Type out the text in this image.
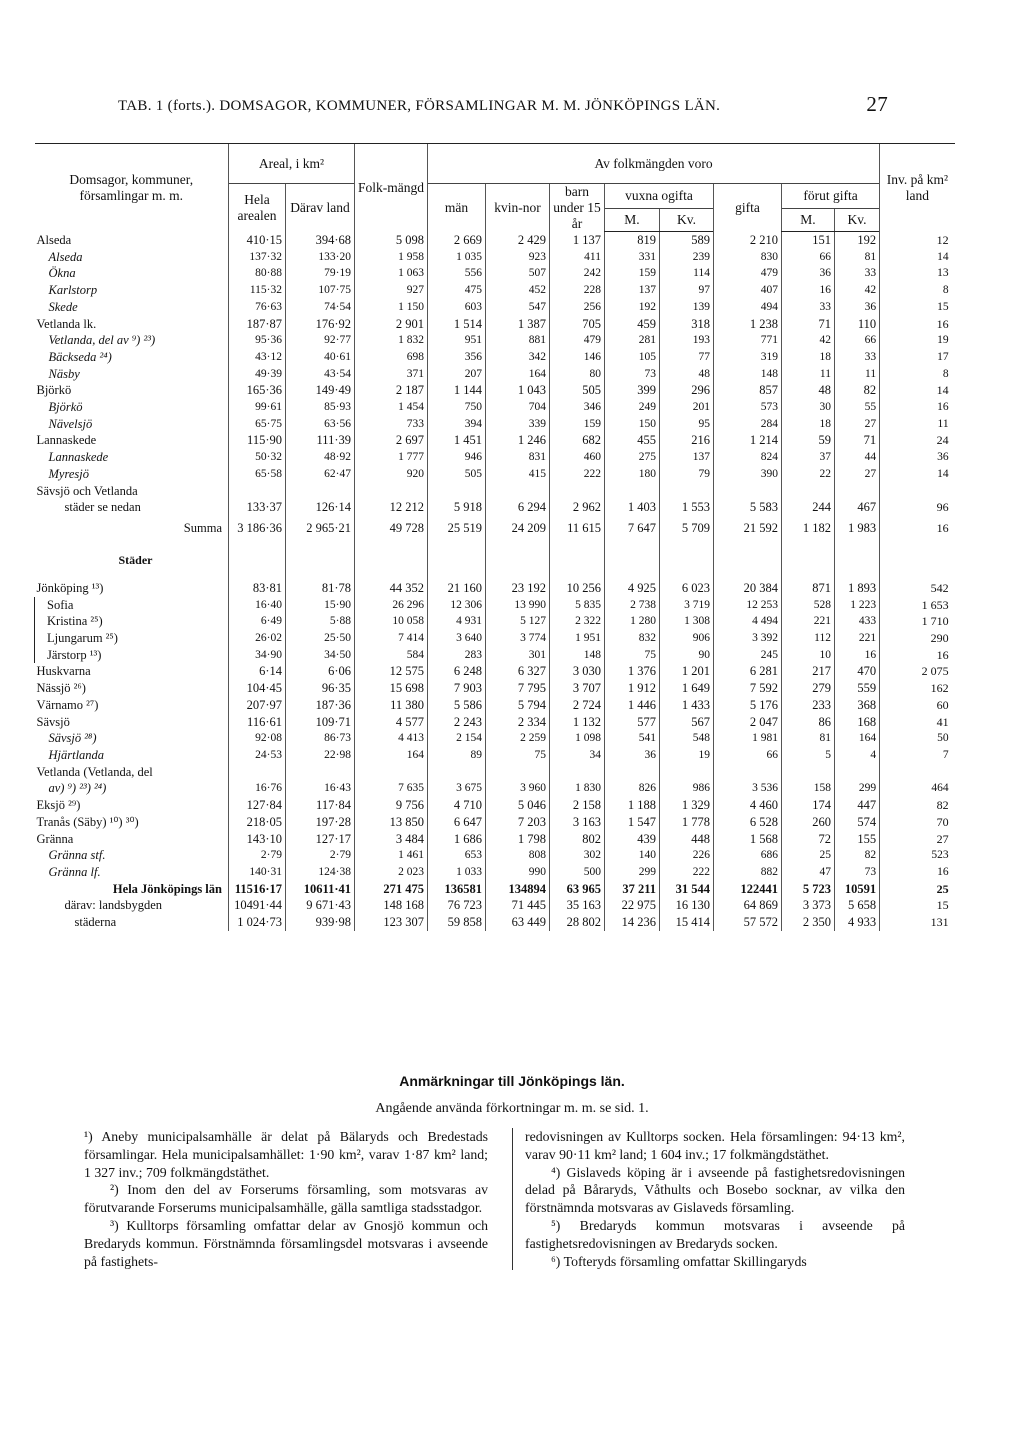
TAB. 1 (forts.). DOMSAGOR, KOMMUNER, FÖRSAMLINGAR M. M. JÖNKÖPINGS LÄN.	27
Domsagor, kommuner, församlingar m. m.	Areal, i km²		Folk-mängd	Av folkmängden voro								Inv. på km² land
	Hela arealen	Därav land		män	kvin-nor	barn under 15 år	vuxna ogifta		gifta	förut gifta		
							M.	Kv.		M.	Kv.	
Alseda	410·15	394·68	5 098	2 669	2 429	1 137	819	589	2 210	151	192	12
Alseda	137·32	133·20	1 958	1 035	923	411	331	239	830	66	81	14
Ökna	80·88	79·19	1 063	556	507	242	159	114	479	36	33	13
Karlstorp	115·32	107·75	927	475	452	228	137	97	407	16	42	8
Skede	76·63	74·54	1 150	603	547	256	192	139	494	33	36	15
Vetlanda lk.	187·87	176·92	2 901	1 514	1 387	705	459	318	1 238	71	110	16
Vetlanda, del av ⁹) ²³)	95·36	92·77	1 832	951	881	479	281	193	771	42	66	19
Bäckseda ²⁴)	43·12	40·61	698	356	342	146	105	77	319	18	33	17
Näsby	49·39	43·54	371	207	164	80	73	48	148	11	11	8
Björkö	165·36	149·49	2 187	1 144	1 043	505	399	296	857	48	82	14
Björkö	99·61	85·93	1 454	750	704	346	249	201	573	30	55	16
Nävelsjö	65·75	63·56	733	394	339	159	150	95	284	18	27	11
Lannaskede	115·90	111·39	2 697	1 451	1 246	682	455	216	1 214	59	71	24
Lannaskede	50·32	48·92	1 777	946	831	460	275	137	824	37	44	36
Myresjö	65·58	62·47	920	505	415	222	180	79	390	22	27	14
Sävsjö och Vetlanda												
städer se nedan	133·37	126·14	12 212	5 918	6 294	2 962	1 403	1 553	5 583	244	467	96
Summa	3 186·36	2 965·21	49 728	25 519	24 209	11 615	7 647	5 709	21 592	1 182	1 983	16
Städer												
Jönköping ¹³)	83·81	81·78	44 352	21 160	23 192	10 256	4 925	6 023	20 384	871	1 893	542
Sofia	16·40	15·90	26 296	12 306	13 990	5 835	2 738	3 719	12 253	528	1 223	1 653
Kristina ²⁵)	6·49	5·88	10 058	4 931	5 127	2 322	1 280	1 308	4 494	221	433	1 710
Ljungarum ²⁵)	26·02	25·50	7 414	3 640	3 774	1 951	832	906	3 392	112	221	290
Järstorp ¹³)	34·90	34·50	584	283	301	148	75	90	245	10	16	16
Huskvarna	6·14	6·06	12 575	6 248	6 327	3 030	1 376	1 201	6 281	217	470	2 075
Nässjö ²⁶)	104·45	96·35	15 698	7 903	7 795	3 707	1 912	1 649	7 592	279	559	162
Värnamo ²⁷)	207·97	187·36	11 380	5 586	5 794	2 724	1 446	1 433	5 176	233	368	60
Sävsjö	116·61	109·71	4 577	2 243	2 334	1 132	577	567	2 047	86	168	41
Sävsjö ²⁸)	92·08	86·73	4 413	2 154	2 259	1 098	541	548	1 981	81	164	50
Hjärtlanda	24·53	22·98	164	89	75	34	36	19	66	5	4	7
Vetlanda (Vetlanda, del												
av) ⁹) ²³) ²⁴)	16·76	16·43	7 635	3 675	3 960	1 830	826	986	3 536	158	299	464
Eksjö ²⁹)	127·84	117·84	9 756	4 710	5 046	2 158	1 188	1 329	4 460	174	447	82
Tranås (Säby) ¹⁰) ³⁰)	218·05	197·28	13 850	6 647	7 203	3 163	1 547	1 778	6 528	260	574	70
Gränna	143·10	127·17	3 484	1 686	1 798	802	439	448	1 568	72	155	27
Gränna stf.	2·79	2·79	1 461	653	808	302	140	226	686	25	82	523
Gränna lf.	140·31	124·38	2 023	1 033	990	500	299	222	882	47	73	16
Hela Jönköpings län	11516·17	10611·41	271 475	136581	134894	63 965	37 211	31 544	122441	5 723	10591	25
därav: landsbygden	10491·44	9 671·43	148 168	76 723	71 445	35 163	22 975	16 130	64 869	3 373	5 658	15
städerna	1 024·73	939·98	123 307	59 858	63 449	28 802	14 236	15 414	57 572	2 350	4 933	131
Anmärkningar till Jönköpings län.
Angående använda förkortningar m. m. se sid. 1.

¹) Aneby municipalsamhälle är delat på Bälaryds och Bredestads församlingar. Hela municipalsamhället: 1·90 km², varav 1·87 km² land; 1 327 inv.; 709 folkmängdstäthet.

²) Inom den del av Forserums församling, som motsvaras av förutvarande Forserums municipalsamhälle, gälla samtliga stadsstadgor.

³) Kulltorps församling omfattar delar av Gnosjö kommun och Bredaryds kommun. Förstnämnda församlingsdel motsvaras i avseende på fastighets-

redovisningen av Kulltorps socken. Hela församlingen: 94·13 km², varav 90·11 km² land; 1 604 inv.; 17 folkmängdstäthet.

⁴) Gislaveds köping är i avseende på fastighetsredovisningen delad på Båraryds, Våthults och Bosebo socknar, av vilka den förstnämnda motsvaras av Gislaveds församling.

⁵) Bredaryds kommun motsvaras i avseende på fastighetsredovisningen av Bredaryds socken.

⁶) Tofteryds församling omfattar Skillingaryds
